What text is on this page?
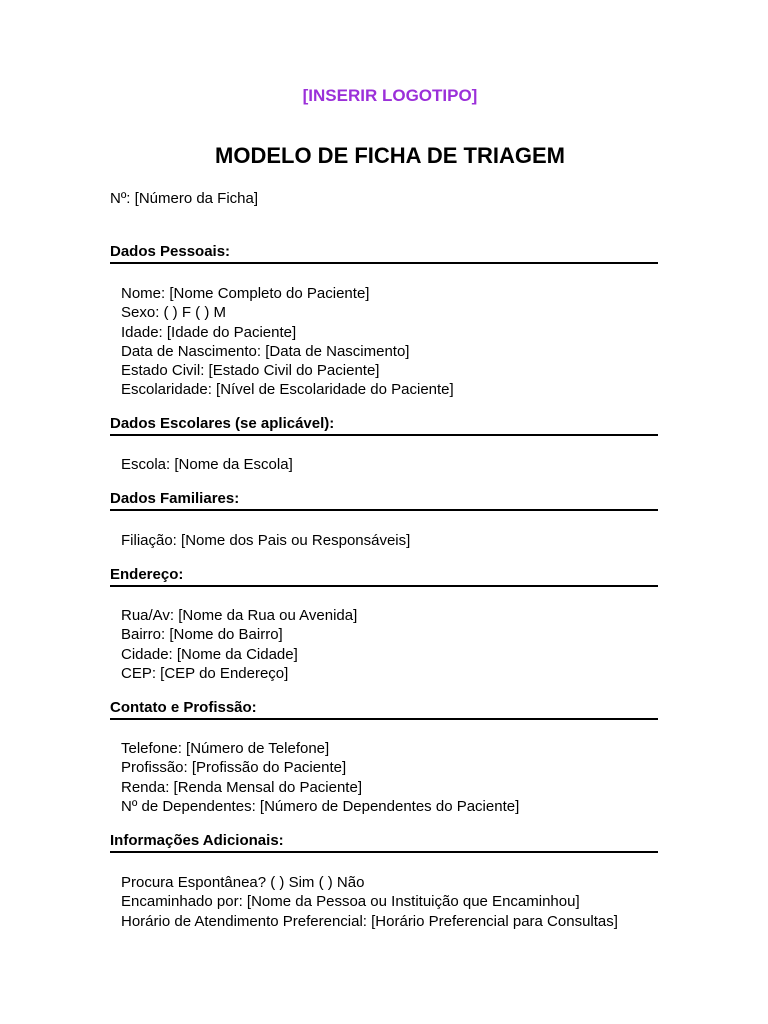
[INSERIR LOGOTIPO]
MODELO DE FICHA DE TRIAGEM
Nº: [Número da Ficha]
Dados Pessoais:
Nome: [Nome Completo do Paciente]
Sexo: ( ) F ( ) M
Idade: [Idade do Paciente]
Data de Nascimento: [Data de Nascimento]
Estado Civil: [Estado Civil do Paciente]
Escolaridade: [Nível de Escolaridade do Paciente]
Dados Escolares (se aplicável):
Escola: [Nome da Escola]
Dados Familiares:
Filiação: [Nome dos Pais ou Responsáveis]
Endereço:
Rua/Av: [Nome da Rua ou Avenida]
Bairro: [Nome do Bairro]
Cidade: [Nome da Cidade]
CEP: [CEP do Endereço]
Contato e Profissão:
Telefone: [Número de Telefone]
Profissão: [Profissão do Paciente]
Renda: [Renda Mensal do Paciente]
Nº de Dependentes: [Número de Dependentes do Paciente]
Informações Adicionais:
Procura Espontânea? ( ) Sim ( ) Não
Encaminhado por: [Nome da Pessoa ou Instituição que Encaminhou]
Horário de Atendimento Preferencial: [Horário Preferencial para Consultas]
